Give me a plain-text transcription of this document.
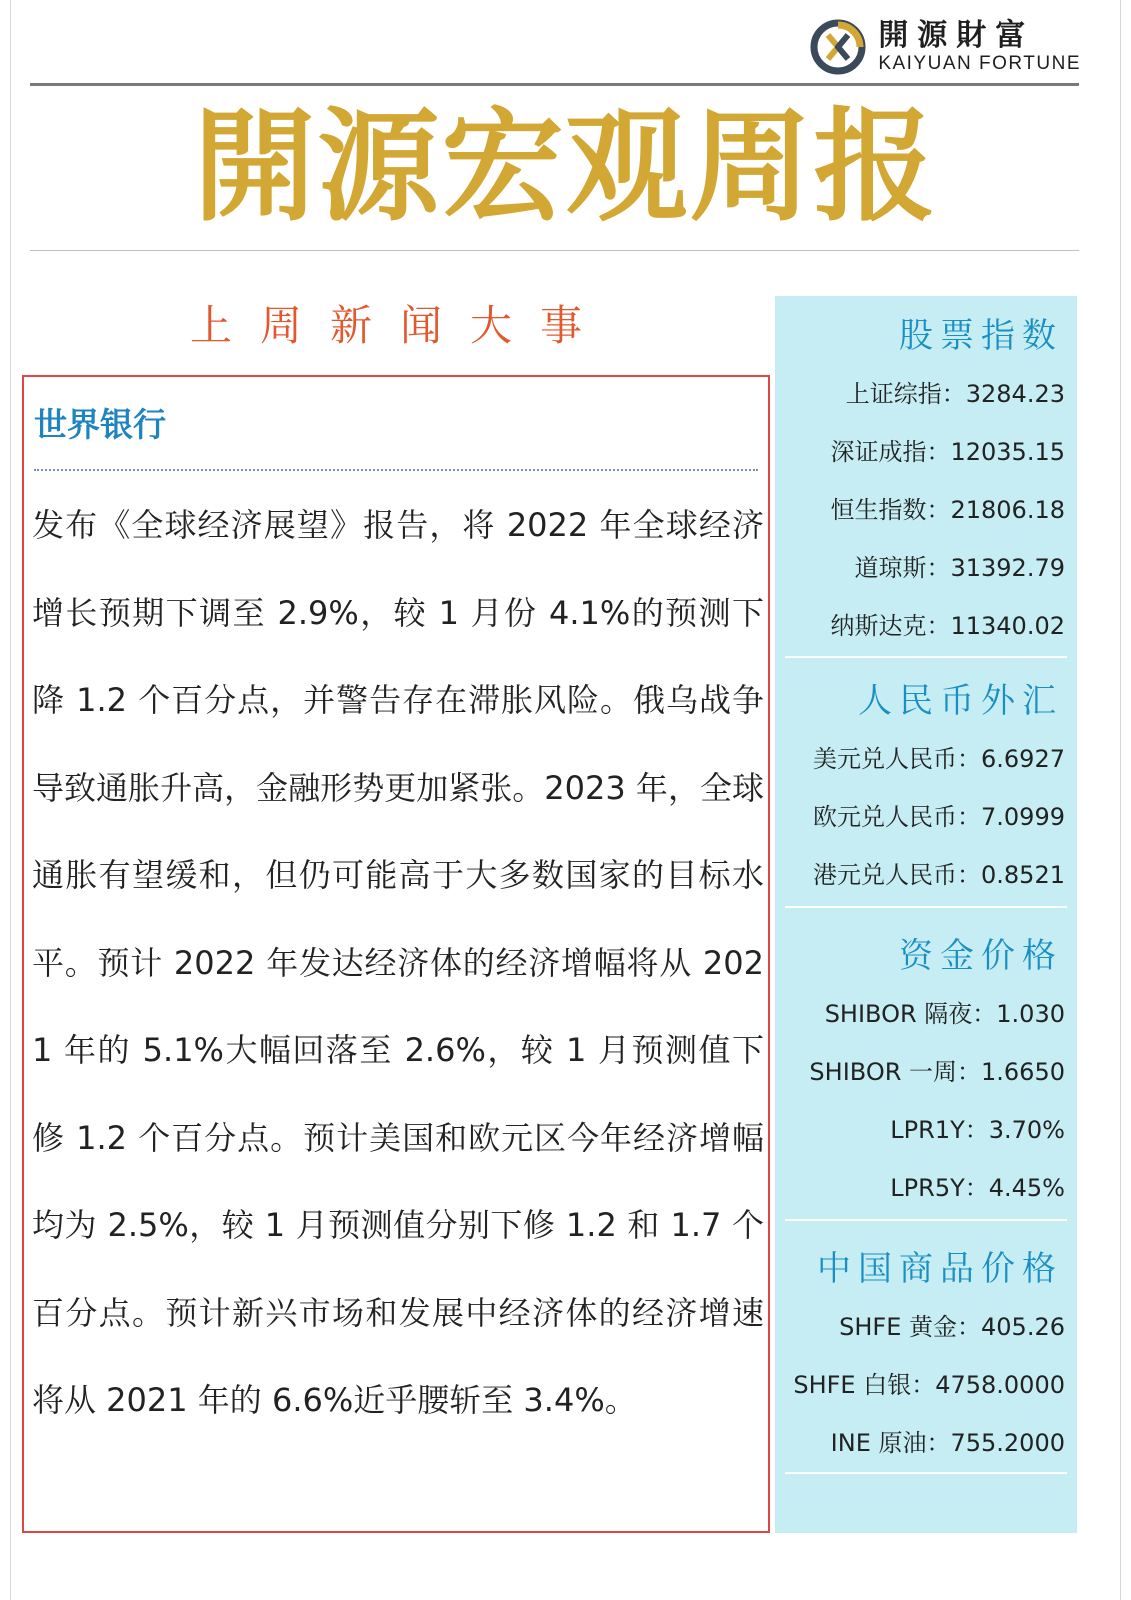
開源財富
KAIYUAN FORTUNE
開源宏观周报
上周新闻大事
世界银行
发布《全球经济展望》报告，将 2022 年全球经济增长预期下调至 2.9%，较 1 月份 4.1%的预测下降 1.2 个百分点，并警告存在滞胀风险。俄乌战争导致通胀升高，金融形势更加紧张。2023 年，全球通胀有望缓和，但仍可能高于大多数国家的目标水平。预计 2022 年发达经济体的经济增幅将从 2021 年的 5.1%大幅回落至 2.6%，较 1 月预测值下修 1.2 个百分点。预计美国和欧元区今年经济增幅均为 2.5%，较 1 月预测值分别下修 1.2 和 1.7 个百分点。预计新兴市场和发展中经济体的经济增速将从 2021 年的 6.6%近乎腰斩至 3.4%。
股票指数
上证综指：3284.23
深证成指：12035.15
恒生指数：21806.18
道琼斯：31392.79
纳斯达克：11340.02
人民币外汇
美元兑人民币：6.6927
欧元兑人民币：7.0999
港元兑人民币：0.8521
资金价格
SHIBOR 隔夜：1.030
SHIBOR 一周：1.6650
LPR1Y：3.70%
LPR5Y：4.45%
中国商品价格
SHFE 黄金：405.26
SHFE 白银：4758.0000
INE 原油：755.2000
